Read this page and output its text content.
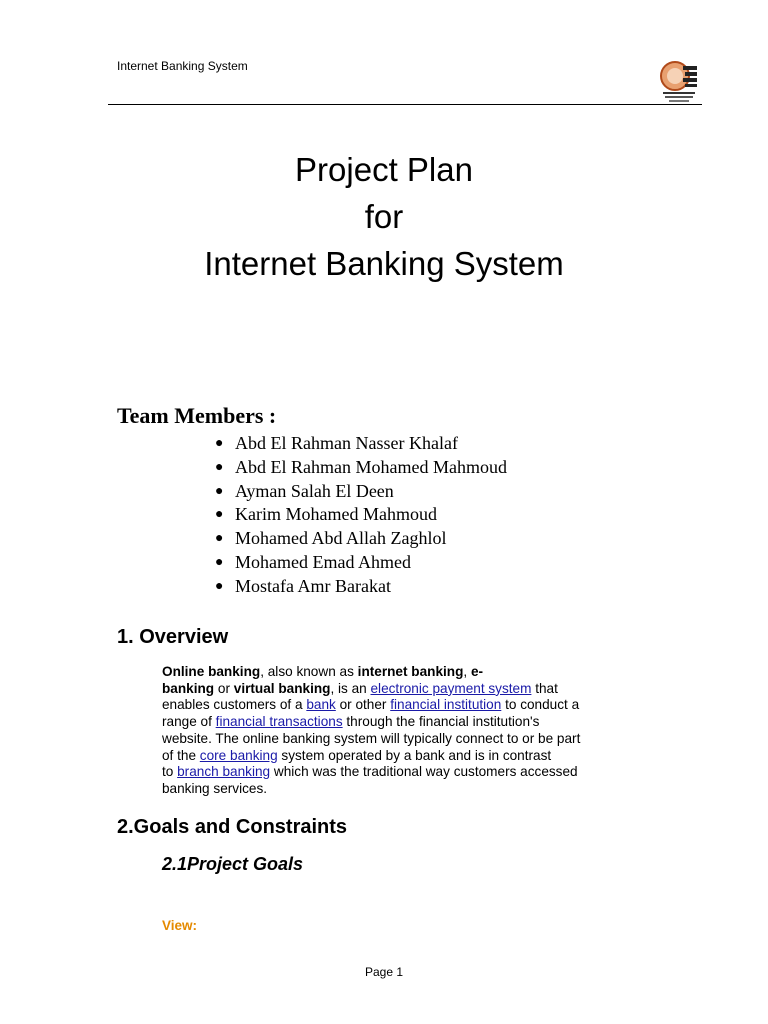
Internet Banking System
Project Plan
for
Internet Banking System
Team Members :
● Abd El Rahman Nasser Khalaf
● Abd El Rahman Mohamed Mahmoud
● Ayman Salah El Deen
● Karim Mohamed Mahmoud
● Mohamed Abd Allah Zaghlol
● Mohamed Emad Ahmed
● Mostafa Amr Barakat
1. Overview
Online banking, also known as internet banking, e-
banking or virtual banking, is an electronic payment system that
enables customers of a bank or other financial institution to conduct a
range of financial transactions through the financial institution's
website. The online banking system will typically connect to or be part
of the core banking system operated by a bank and is in contrast
to branch banking which was the traditional way customers accessed
banking services.
2.Goals and Constraints
2.1Project Goals
View:
Page 1
